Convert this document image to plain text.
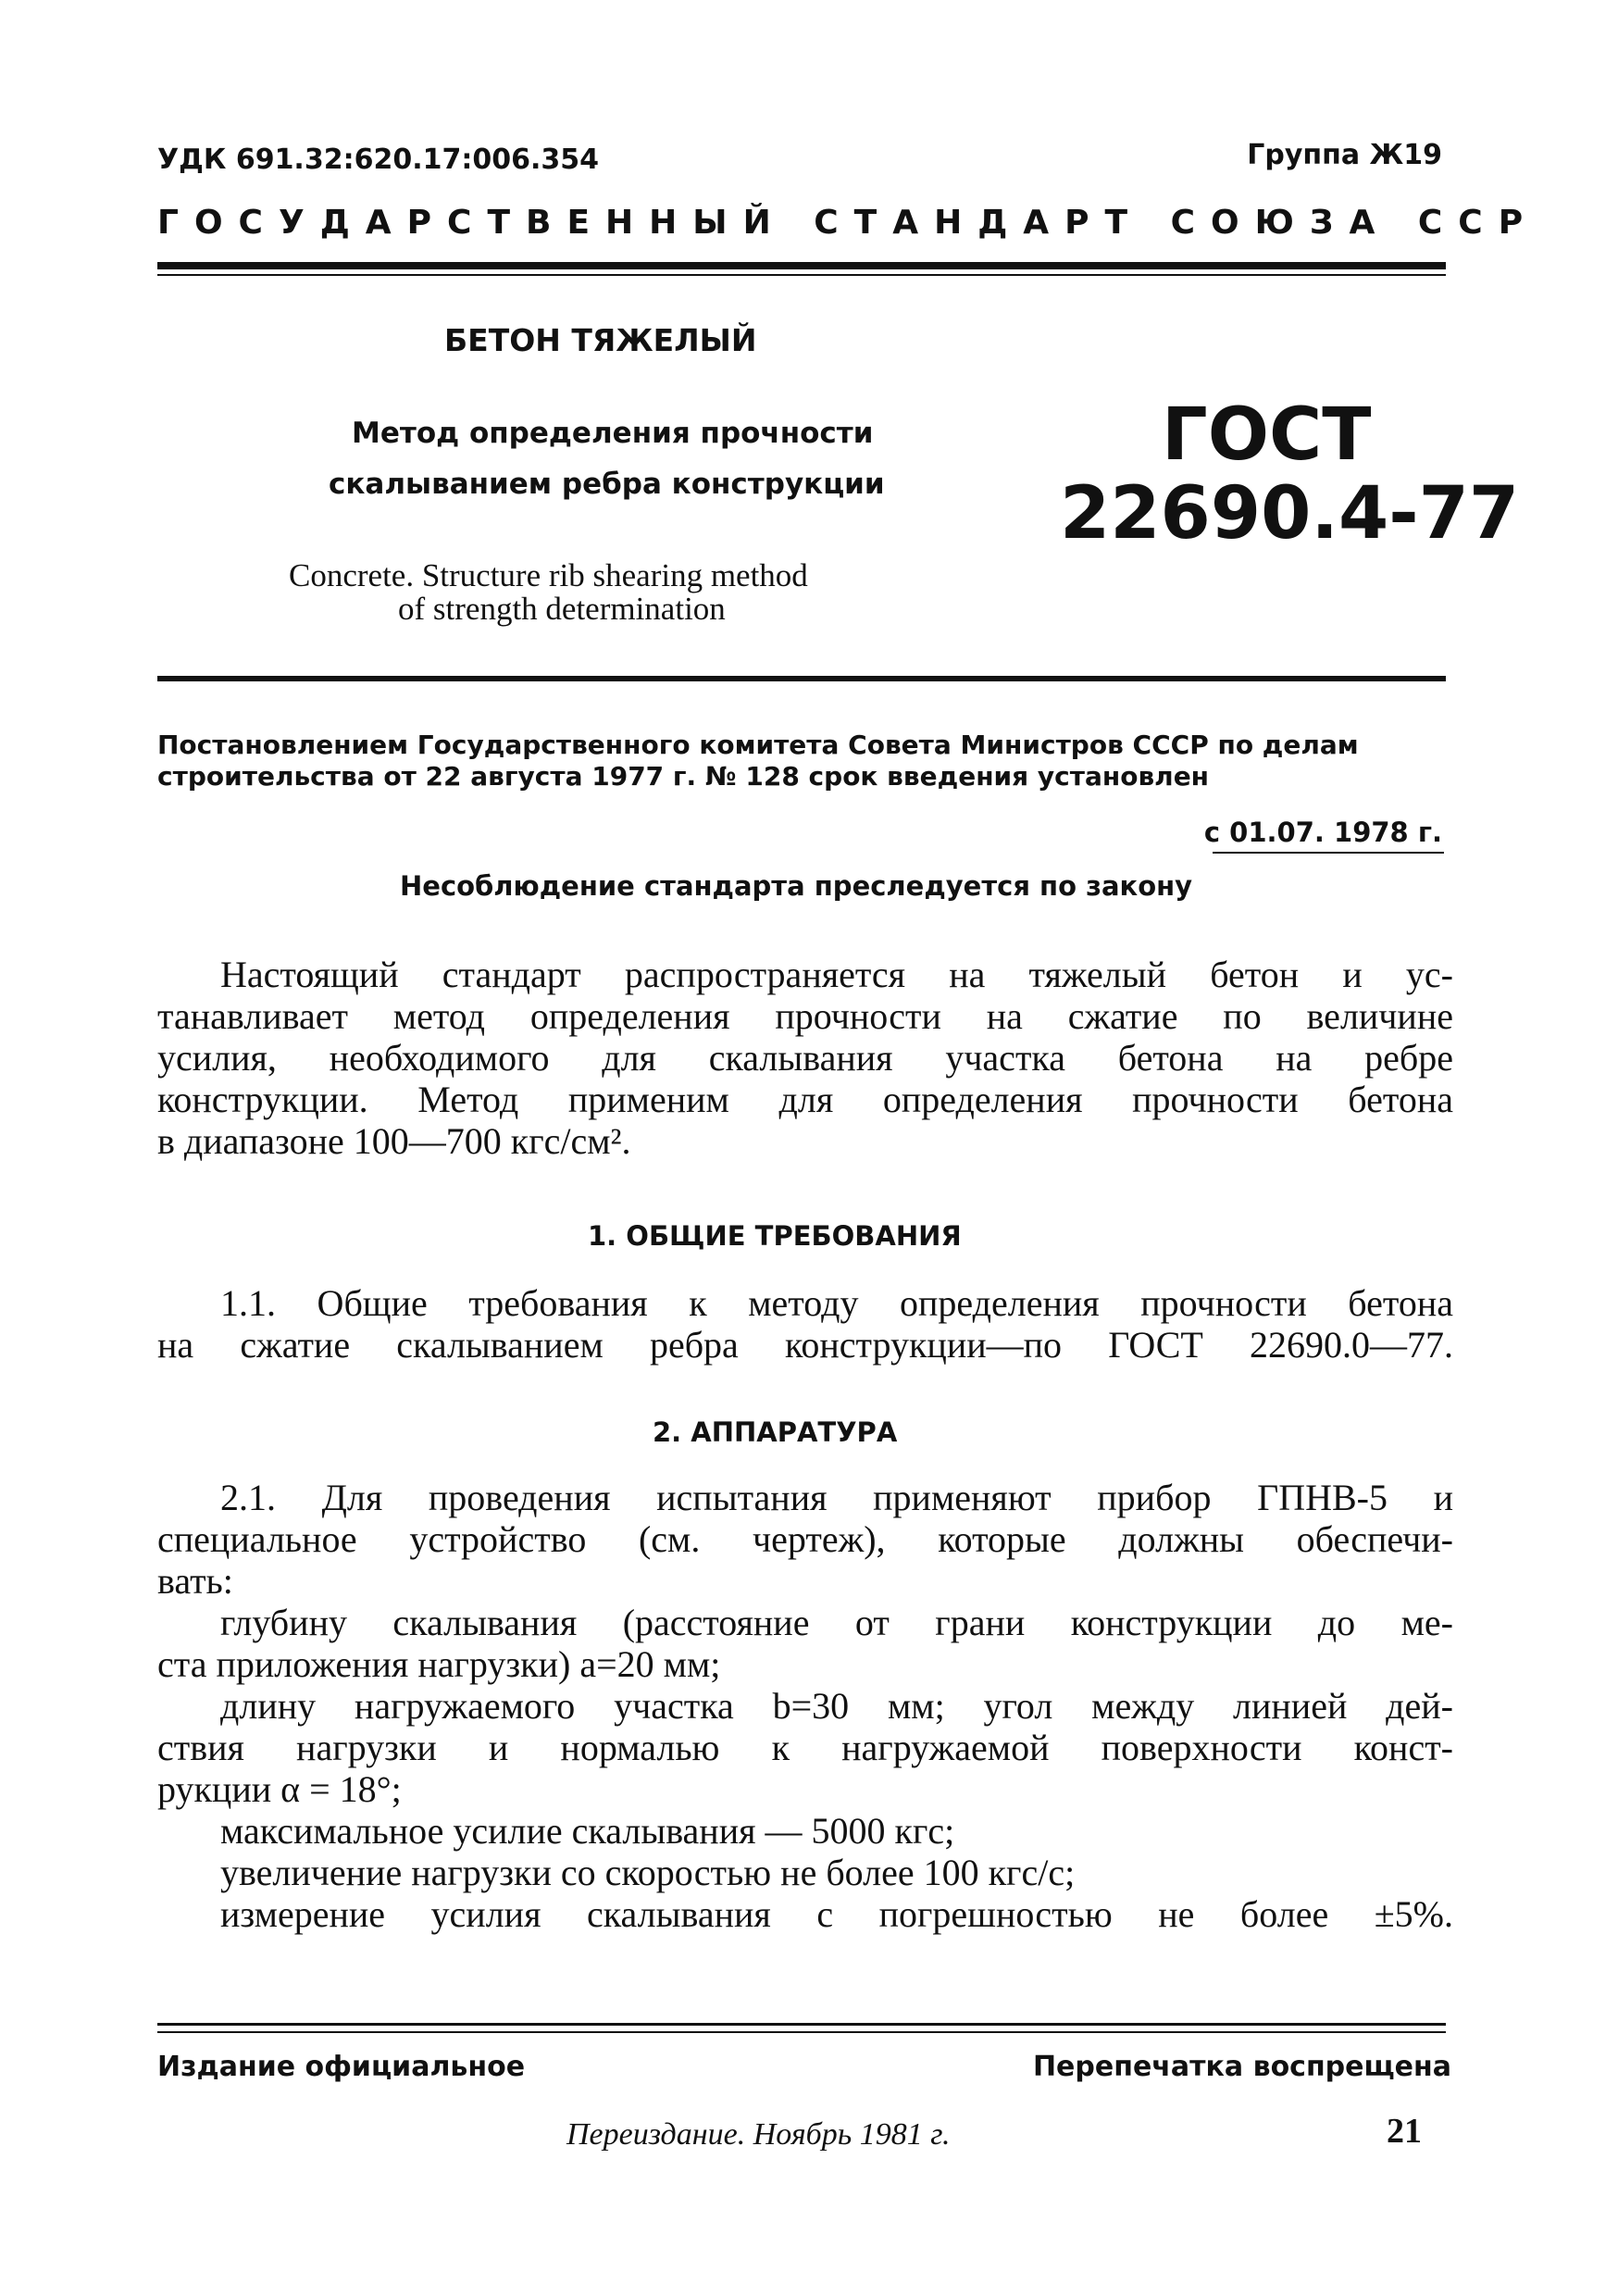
УДК 691.32:620.17:006.354	Группа Ж19
ГОСУДАРСТВЕННЫЙ СТАНДАРТ СОЮЗА ССР
БЕТОН ТЯЖЕЛЫЙ
Метод определения прочности
скалыванием ребра конструкции
ГОСТ
22690.4-77
Concrete. Structure rib shearing method
of strength determination
Постановлением Государственного комитета Совета Министров СССР по делам
строительства от 22 августа 1977 г. № 128 срок введения установлен
с 01.07. 1978 г.
Несоблюдение стандарта преследуется по закону
Настоящий стандарт распространяется на тяжелый бетон и ус-
танавливает метод определения прочности на сжатие по величине
усилия, необходимого для скалывания участка бетона на ребре
конструкции. Метод применим для определения прочности бетона
в диапазоне 100—700 кгс/см².
1. ОБЩИЕ ТРЕБОВАНИЯ
1.1. Общие требования к методу определения прочности бетона
на сжатие скалыванием ребра конструкции—по ГОСТ 22690.0—77.
2. АППАРАТУРА
2.1. Для проведения испытания применяют прибор ГПНВ-5 и
специальное устройство (см. чертеж), которые должны обеспечи-
вать:
глубину скалывания (расстояние от грани конструкции до ме-
ста приложения нагрузки) a=20 мм;
длину нагружаемого участка b=30 мм; угол между линией дей-
ствия нагрузки и нормалью к нагружаемой поверхности конст-
рукции α = 18°;
максимальное усилие скалывания — 5000 кгс;
увеличение нагрузки со скоростью не более 100 кгс/с;
измерение усилия скалывания с погрешностью не более ±5%.
Издание официальное	Перепечатка воспрещена
Переиздание. Ноябрь 1981 г.	21
